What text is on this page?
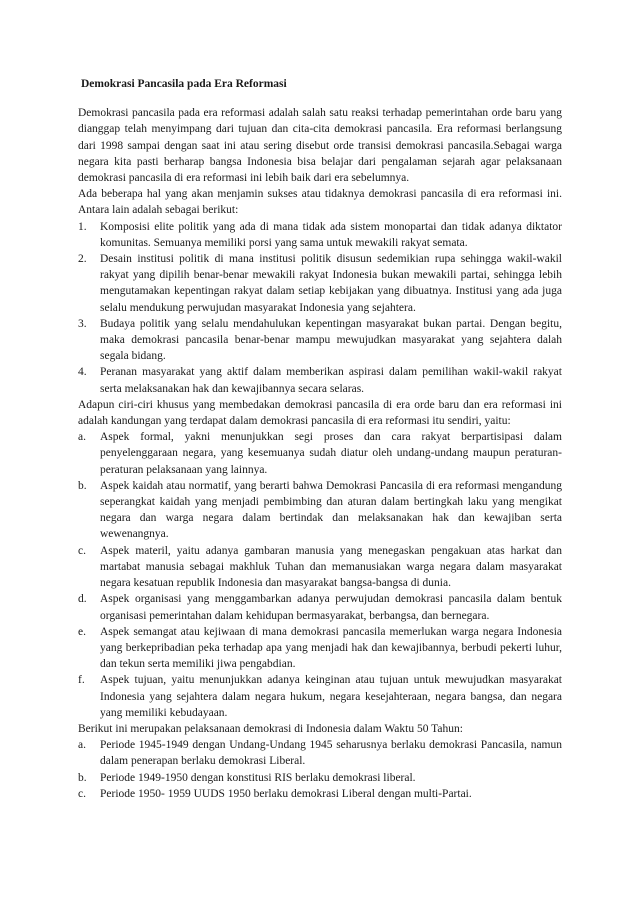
Demokrasi Pancasila pada Era Reformasi

Demokrasi pancasila pada era reformasi adalah salah satu reaksi terhadap pemerintahan orde baru yang dianggap telah menyimpang dari tujuan dan cita-cita demokrasi pancasila. Era reformasi berlangsung dari 1998 sampai dengan saat ini atau sering disebut orde transisi demokrasi pancasila.Sebagai warga negara kita pasti berharap bangsa Indonesia bisa belajar dari pengalaman sejarah agar pelaksanaan demokrasi pancasila di era reformasi ini lebih baik dari era sebelumnya.

Ada beberapa hal yang akan menjamin sukses atau tidaknya demokrasi pancasila di era reformasi ini. Antara lain adalah sebagai berikut:

1.	Komposisi elite politik yang ada di mana tidak ada sistem monopartai dan tidak adanya diktator komunitas. Semuanya memiliki porsi yang sama untuk mewakili rakyat semata.
2.	Desain institusi politik di mana institusi politik disusun sedemikian rupa sehingga wakil-wakil rakyat yang dipilih benar-benar mewakili rakyat Indonesia bukan mewakili partai, sehingga lebih mengutamakan kepentingan rakyat dalam setiap kebijakan yang dibuatnya. Institusi yang ada juga selalu mendukung perwujudan masyarakat Indonesia yang sejahtera.
3.	Budaya politik yang selalu mendahulukan kepentingan masyarakat bukan partai. Dengan begitu, maka demokrasi pancasila benar-benar mampu mewujudkan masyarakat yang sejahtera dalah segala bidang.
4.	Peranan masyarakat yang aktif dalam memberikan aspirasi dalam pemilihan wakil-wakil rakyat serta melaksanakan hak dan kewajibannya secara selaras.

Adapun ciri-ciri khusus yang membedakan demokrasi pancasila di era orde baru dan era reformasi ini adalah kandungan yang terdapat dalam demokrasi pancasila di era reformasi itu sendiri, yaitu:

a.	Aspek formal, yakni menunjukkan segi proses dan cara rakyat berpartisipasi dalam penyelenggaraan negara, yang kesemuanya sudah diatur oleh undang-undang maupun peraturan-peraturan pelaksanaan yang lainnya.
b.	Aspek kaidah atau normatif, yang berarti bahwa Demokrasi Pancasila di era reformasi mengandung seperangkat kaidah yang menjadi pembimbing dan aturan dalam bertingkah laku yang mengikat negara dan warga negara dalam bertindak dan melaksanakan hak dan kewajiban serta wewenangnya.
c.	Aspek materil, yaitu adanya gambaran manusia yang menegaskan pengakuan atas harkat dan martabat manusia sebagai makhluk Tuhan dan memanusiakan warga negara dalam masyarakat negara kesatuan republik Indonesia dan masyarakat bangsa-bangsa di dunia.
d.	Aspek organisasi yang menggambarkan adanya perwujudan demokrasi pancasila dalam bentuk organisasi pemerintahan dalam kehidupan bermasyarakat, berbangsa, dan bernegara.
e.	Aspek semangat atau kejiwaan di mana demokrasi pancasila memerlukan warga negara Indonesia yang berkepribadian peka terhadap apa yang menjadi hak dan kewajibannya, berbudi pekerti luhur, dan tekun serta memiliki jiwa pengabdian.
f.	Aspek tujuan, yaitu menunjukkan adanya keinginan atau tujuan untuk mewujudkan masyarakat Indonesia yang sejahtera dalam negara hukum, negara kesejahteraan, negara bangsa, dan negara yang memiliki kebudayaan.

Berikut ini merupakan pelaksanaan demokrasi di Indonesia dalam Waktu 50 Tahun:

a.	Periode 1945-1949 dengan Undang-Undang 1945 seharusnya berlaku demokrasi Pancasila, namun dalam penerapan berlaku demokrasi Liberal.
b.	Periode 1949-1950 dengan konstitusi RIS berlaku demokrasi liberal.
c.	Periode 1950- 1959 UUDS 1950 berlaku demokrasi Liberal dengan multi-Partai.
